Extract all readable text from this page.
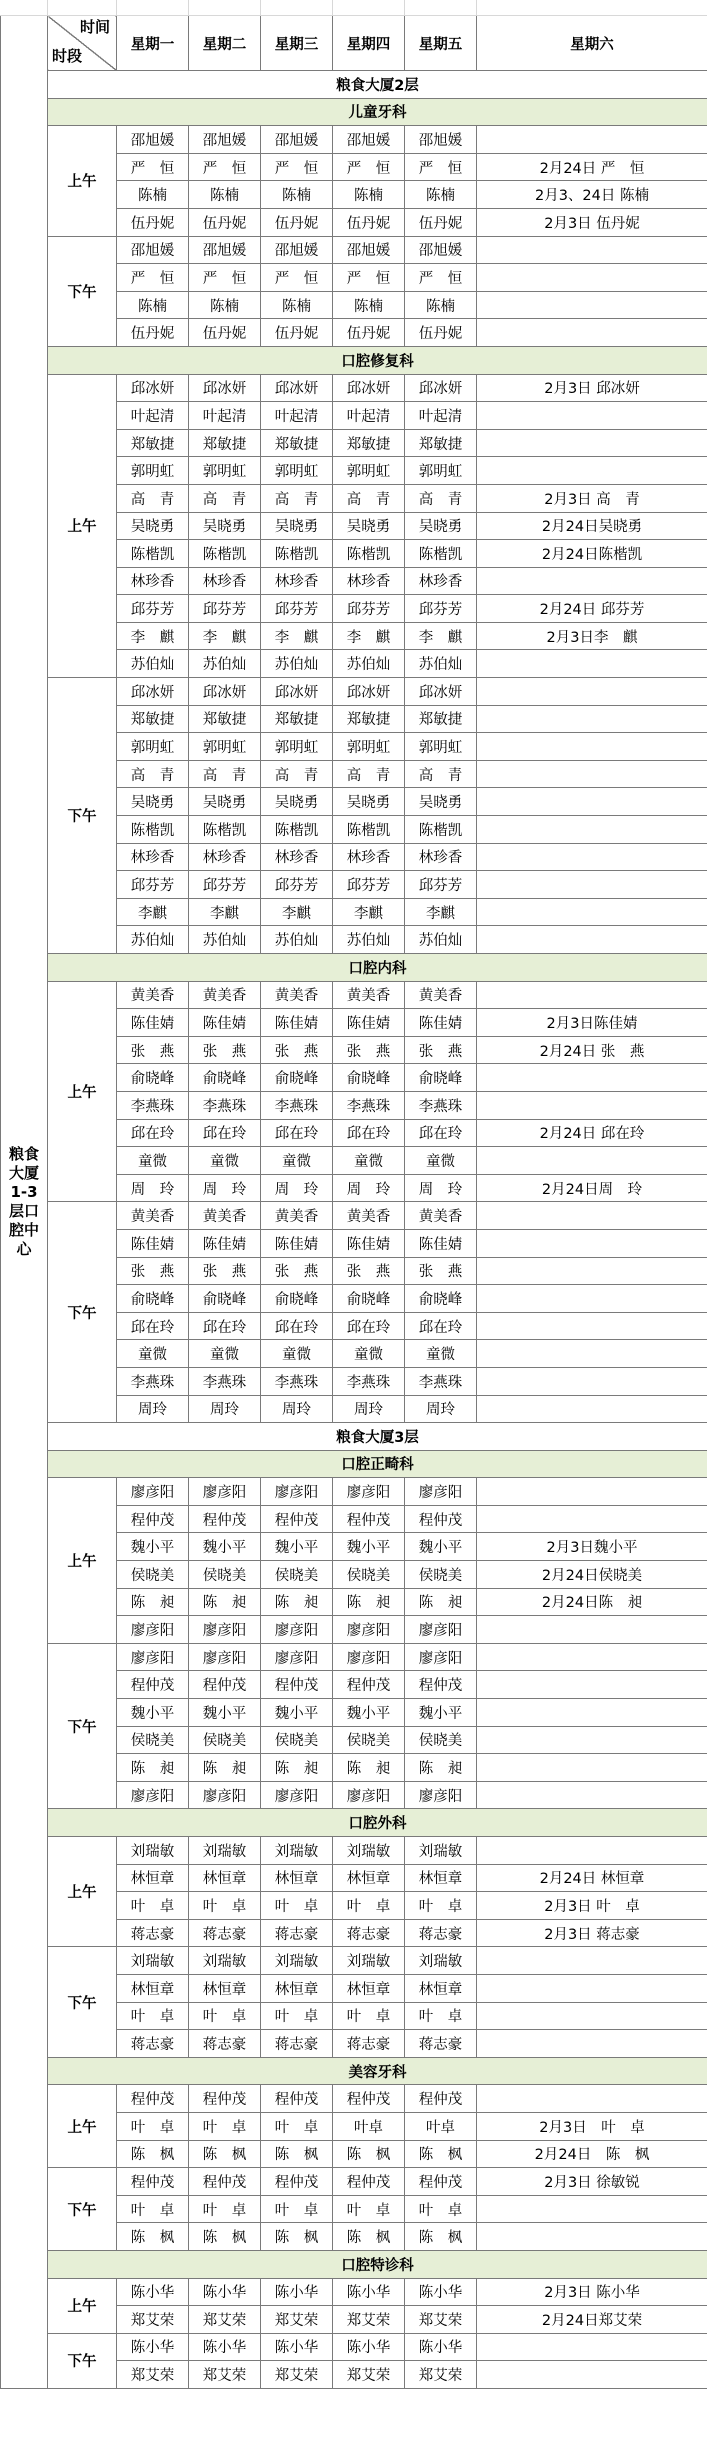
粮食大厦1-3层口腔中心	时间
时段	星期一	星期二	星期三	星期四	星期五	星期六
	粮食大厦2层						
	儿童牙科						
	上午	邵旭媛	邵旭媛	邵旭媛	邵旭媛	邵旭媛	
		严　恒	严　恒	严　恒	严　恒	严　恒	2月24日 严　恒
		陈楠	陈楠	陈楠	陈楠	陈楠	2月3、24日 陈楠
		伍丹妮	伍丹妮	伍丹妮	伍丹妮	伍丹妮	2月3日 伍丹妮
	下午	邵旭媛	邵旭媛	邵旭媛	邵旭媛	邵旭媛	
		严　恒	严　恒	严　恒	严　恒	严　恒	
		陈楠	陈楠	陈楠	陈楠	陈楠	
		伍丹妮	伍丹妮	伍丹妮	伍丹妮	伍丹妮	
	口腔修复科						
	上午	邱冰妍	邱冰妍	邱冰妍	邱冰妍	邱冰妍	2月3日 邱冰妍
		叶起清	叶起清	叶起清	叶起清	叶起清	
		郑敏捷	郑敏捷	郑敏捷	郑敏捷	郑敏捷	
		郭明虹	郭明虹	郭明虹	郭明虹	郭明虹	
		高　青	高　青	高　青	高　青	高　青	2月3日 高　青
		吴晓勇	吴晓勇	吴晓勇	吴晓勇	吴晓勇	2月24日吴晓勇
		陈楷凯	陈楷凯	陈楷凯	陈楷凯	陈楷凯	2月24日陈楷凯
		林珍香	林珍香	林珍香	林珍香	林珍香	
		邱芬芳	邱芬芳	邱芬芳	邱芬芳	邱芬芳	2月24日 邱芬芳
		李　麒	李　麒	李　麒	李　麒	李　麒	2月3日李　麒
		苏伯灿	苏伯灿	苏伯灿	苏伯灿	苏伯灿	
	下午	邱冰妍	邱冰妍	邱冰妍	邱冰妍	邱冰妍	
		郑敏捷	郑敏捷	郑敏捷	郑敏捷	郑敏捷	
		郭明虹	郭明虹	郭明虹	郭明虹	郭明虹	
		高　青	高　青	高　青	高　青	高　青	
		吴晓勇	吴晓勇	吴晓勇	吴晓勇	吴晓勇	
		陈楷凯	陈楷凯	陈楷凯	陈楷凯	陈楷凯	
		林珍香	林珍香	林珍香	林珍香	林珍香	
		邱芬芳	邱芬芳	邱芬芳	邱芬芳	邱芬芳	
		李麒	李麒	李麒	李麒	李麒	
		苏伯灿	苏伯灿	苏伯灿	苏伯灿	苏伯灿	
	口腔内科						
	上午	黄美香	黄美香	黄美香	黄美香	黄美香	
		陈佳婧	陈佳婧	陈佳婧	陈佳婧	陈佳婧	2月3日陈佳婧
		张　燕	张　燕	张　燕	张　燕	张　燕	2月24日 张　燕
		俞晓峰	俞晓峰	俞晓峰	俞晓峰	俞晓峰	
		李燕珠	李燕珠	李燕珠	李燕珠	李燕珠	
		邱在玲	邱在玲	邱在玲	邱在玲	邱在玲	2月24日 邱在玲
		童微	童微	童微	童微	童微	
		周　玲	周　玲	周　玲	周　玲	周　玲	2月24日周　玲
	下午	黄美香	黄美香	黄美香	黄美香	黄美香	
		陈佳婧	陈佳婧	陈佳婧	陈佳婧	陈佳婧	
		张　燕	张　燕	张　燕	张　燕	张　燕	
		俞晓峰	俞晓峰	俞晓峰	俞晓峰	俞晓峰	
		邱在玲	邱在玲	邱在玲	邱在玲	邱在玲	
		童微	童微	童微	童微	童微	
		李燕珠	李燕珠	李燕珠	李燕珠	李燕珠	
		周玲	周玲	周玲	周玲	周玲	
	粮食大厦3层						
	口腔正畸科						
	上午	廖彦阳	廖彦阳	廖彦阳	廖彦阳	廖彦阳	
		程仲茂	程仲茂	程仲茂	程仲茂	程仲茂	
		魏小平	魏小平	魏小平	魏小平	魏小平	2月3日魏小平
		侯晓美	侯晓美	侯晓美	侯晓美	侯晓美	2月24日侯晓美
		陈　昶	陈　昶	陈　昶	陈　昶	陈　昶	2月24日陈　昶
		廖彦阳	廖彦阳	廖彦阳	廖彦阳	廖彦阳	
	下午	廖彦阳	廖彦阳	廖彦阳	廖彦阳	廖彦阳	
		程仲茂	程仲茂	程仲茂	程仲茂	程仲茂	
		魏小平	魏小平	魏小平	魏小平	魏小平	
		侯晓美	侯晓美	侯晓美	侯晓美	侯晓美	
		陈　昶	陈　昶	陈　昶	陈　昶	陈　昶	
		廖彦阳	廖彦阳	廖彦阳	廖彦阳	廖彦阳	
	口腔外科						
	上午	刘瑞敏	刘瑞敏	刘瑞敏	刘瑞敏	刘瑞敏	
		林恒章	林恒章	林恒章	林恒章	林恒章	2月24日 林恒章
		叶　卓	叶　卓	叶　卓	叶　卓	叶　卓	2月3日 叶　卓
		蒋志豪	蒋志豪	蒋志豪	蒋志豪	蒋志豪	2月3日 蒋志豪
	下午	刘瑞敏	刘瑞敏	刘瑞敏	刘瑞敏	刘瑞敏	
		林恒章	林恒章	林恒章	林恒章	林恒章	
		叶　卓	叶　卓	叶　卓	叶　卓	叶　卓	
		蒋志豪	蒋志豪	蒋志豪	蒋志豪	蒋志豪	
	美容牙科						
	上午	程仲茂	程仲茂	程仲茂	程仲茂	程仲茂	
		叶　卓	叶　卓	叶　卓	叶卓	叶卓	2月3日　叶　卓
		陈　枫	陈　枫	陈　枫	陈　枫	陈　枫	2月24日　陈　枫
	下午	程仲茂	程仲茂	程仲茂	程仲茂	程仲茂	2月3日 徐敏锐
		叶　卓	叶　卓	叶　卓	叶　卓	叶　卓	
		陈　枫	陈　枫	陈　枫	陈　枫	陈　枫	
	口腔特诊科						
	上午	陈小华	陈小华	陈小华	陈小华	陈小华	2月3日 陈小华
		郑艾荣	郑艾荣	郑艾荣	郑艾荣	郑艾荣	2月24日郑艾荣
	下午	陈小华	陈小华	陈小华	陈小华	陈小华	
		郑艾荣	郑艾荣	郑艾荣	郑艾荣	郑艾荣	
